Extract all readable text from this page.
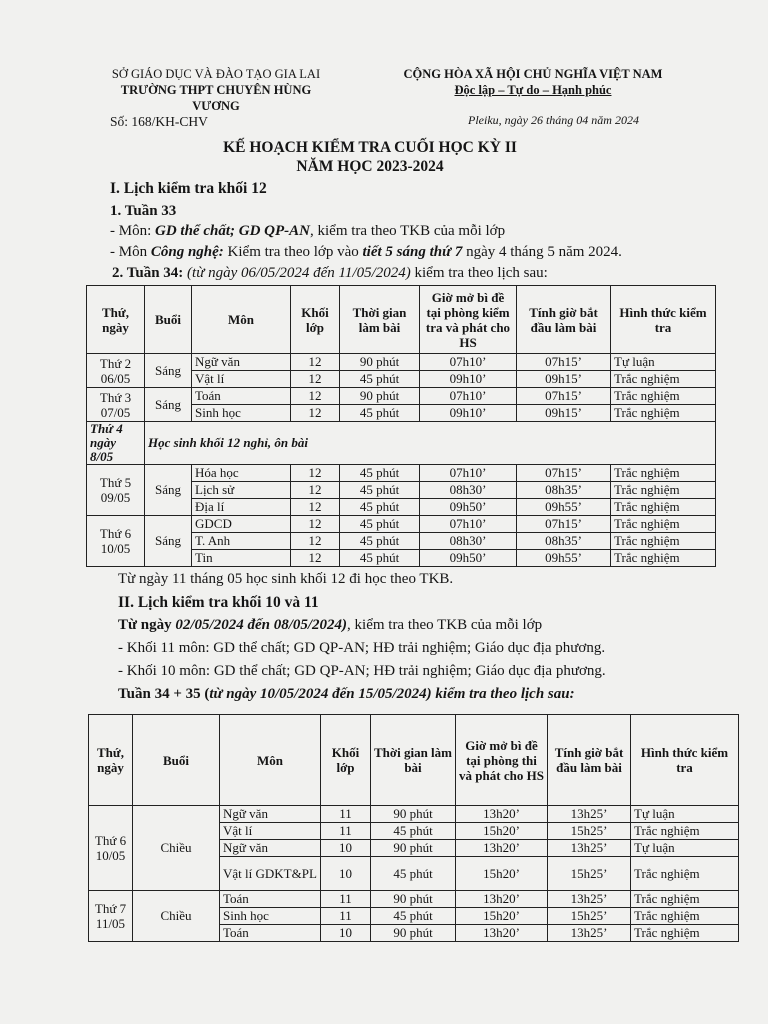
SỞ GIÁO DỤC VÀ ĐÀO TẠO GIA LAI
TRƯỜNG THPT CHUYÊN HÙNG VƯƠNG
CỘNG HÒA XÃ HỘI CHỦ NGHĨA VIỆT NAM
Độc lập – Tự do – Hạnh phúc
Số: 168/KH-CHV	Pleiku, ngày 26 tháng 04 năm 2024
KẾ HOẠCH KIỂM TRA CUỐI HỌC KỲ II
NĂM HỌC 2023-2024
I. Lịch kiểm tra khối 12
1. Tuần 33
- Môn: GD thể chất; GD QP-AN, kiểm tra theo TKB của mỗi lớp
- Môn Công nghệ: Kiểm tra theo lớp vào tiết 5 sáng thứ 7 ngày 4 tháng 5 năm 2024.
2. Tuần 34: (từ ngày 06/05/2024 đến 11/05/2024) kiểm tra theo lịch sau:
Thứ, ngày	Buổi	Môn	Khối lớp	Thời gian làm bài	Giờ mở bì đề tại phòng kiểm tra và phát cho HS	Tính giờ bắt đầu làm bài	Hình thức kiểm tra
Thứ 2 06/05	Sáng	Ngữ văn	12	90 phút	07h10’	07h15’	Tự luận
		Vật lí	12	45 phút	09h10’	09h15’	Trắc nghiệm
Thứ 3 07/05	Sáng	Toán	12	90 phút	07h10’	07h15’	Trắc nghiệm
		Sinh học	12	45 phút	09h10’	09h15’	Trắc nghiệm
Thứ 4 ngày 8/05	Học sinh khối 12 nghỉ, ôn bài						
Thứ 5 09/05	Sáng	Hóa học	12	45 phút	07h10’	07h15’	Trắc nghiệm
		Lịch sử	12	45 phút	08h30’	08h35’	Trắc nghiệm
		Địa lí	12	45 phút	09h50’	09h55’	Trắc nghiệm
Thứ 6 10/05	Sáng	GDCD	12	45 phút	07h10’	07h15’	Trắc nghiệm
		T. Anh	12	45 phút	08h30’	08h35’	Trắc nghiệm
		Tin	12	45 phút	09h50’	09h55’	Trắc nghiệm
Từ ngày 11 tháng 05 học sinh khối 12 đi học theo TKB.
II. Lịch kiểm tra khối 10 và 11
Từ ngày 02/05/2024 đến 08/05/2024), kiểm tra theo TKB của mỗi lớp
- Khối 11 môn: GD thể chất; GD QP-AN; HĐ trải nghiệm; Giáo dục địa phương.
- Khối 10 môn: GD thể chất; GD QP-AN; HĐ trải nghiệm; Giáo dục địa phương.
Tuần 34 + 35 (từ ngày 10/05/2024 đến 15/05/2024) kiểm tra theo lịch sau:
Thứ, ngày	Buổi	Môn	Khối lớp	Thời gian làm bài	Giờ mở bì đề tại phòng thi và phát cho HS	Tính giờ bắt đầu làm bài	Hình thức kiểm tra
Thứ 6 10/05	Chiều	Ngữ văn	11	90 phút	13h20’	13h25’	Tự luận
		Vật lí	11	45 phút	15h20’	15h25’	Trắc nghiệm
		Ngữ văn	10	90 phút	13h20’	13h25’	Tự luận
		Vật lí GDKT&PL	10	45 phút	15h20’	15h25’	Trắc nghiệm
Thứ 7 11/05	Chiều	Toán	11	90 phút	13h20’	13h25’	Trắc nghiệm
		Sinh học	11	45 phút	15h20’	15h25’	Trắc nghiệm
		Toán	10	90 phút	13h20’	13h25’	Trắc nghiệm
